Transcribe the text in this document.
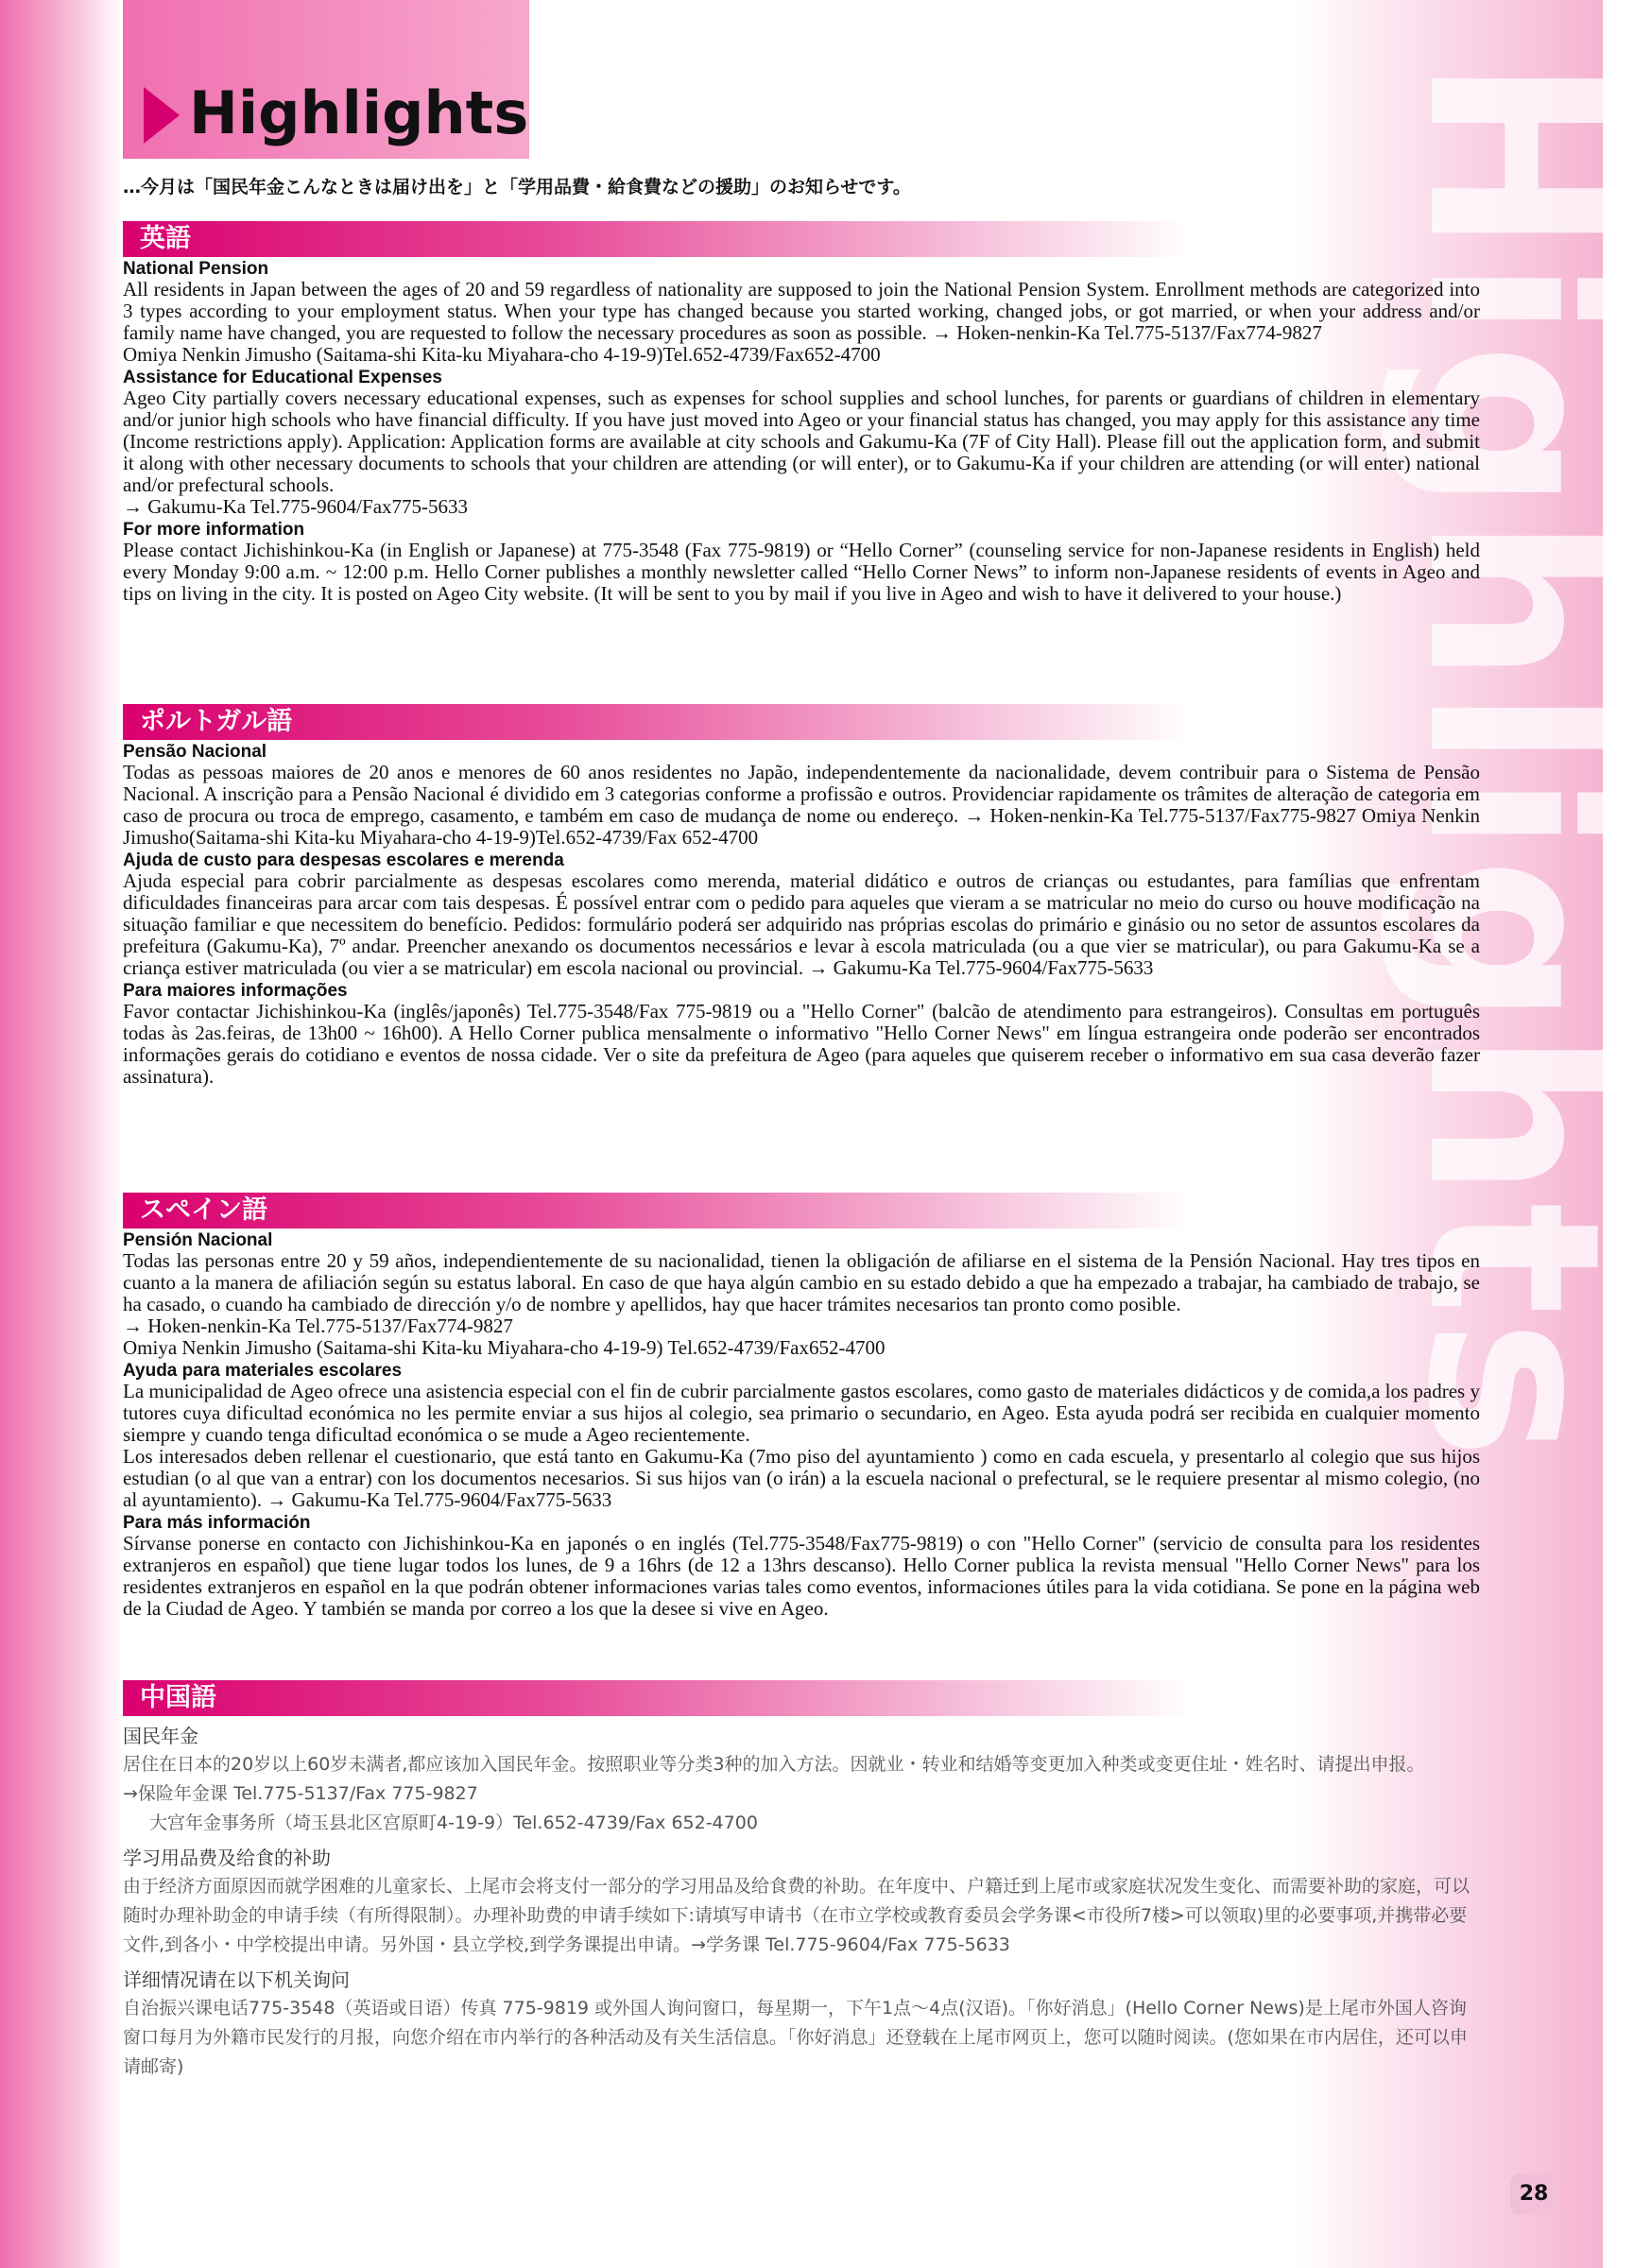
Highlights
Highlights
…今月は「国民年金こんなときは届け出を」と「学用品費・給食費などの援助」のお知らせです。
英語
National Pension

All residents in Japan between the ages of 20 and 59 regardless of nationality are supposed to join the National Pension System. Enrollment methods are categorized into 3 types according to your employment status. When your type has changed because you started working, changed jobs, or got married, or when your address and/or family name have changed, you are requested to follow the necessary procedures as soon as possible. → Hoken-nenkin-Ka Tel.775-5137/Fax774-9827

Omiya Nenkin Jimusho (Saitama-shi Kita-ku Miyahara-cho 4-19-9)Tel.652-4739/Fax652-4700

Assistance for Educational Expenses

Ageo City partially covers necessary educational expenses, such as expenses for school supplies and school lunches, for parents or guardians of children in elementary and/or junior high schools who have financial difficulty. If you have just moved into Ageo or your financial status has changed, you may apply for this assistance any time (Income restrictions apply). Application: Application forms are available at city schools and Gakumu-Ka (7F of City Hall). Please fill out the application form, and submit it along with other necessary documents to schools that your children are attending (or will enter), or to Gakumu-Ka if your children are attending (or will enter) national and/or prefectural schools.

→ Gakumu-Ka Tel.775-9604/Fax775-5633

For more information

Please contact Jichishinkou-Ka (in English or Japanese) at 775-3548 (Fax 775-9819) or “Hello Corner” (counseling service for non-Japanese residents in English) held every Monday 9:00 a.m. ~ 12:00 p.m. Hello Corner publishes a monthly newsletter called “Hello Corner News” to inform non-Japanese residents of events in Ageo and tips on living in the city. It is posted on Ageo City website. (It will be sent to you by mail if you live in Ageo and wish to have it delivered to your house.)

ポルトガル語
Pensão Nacional

Todas as pessoas maiores de 20 anos e menores de 60 anos residentes no Japão, independentemente da nacionalidade, devem contribuir para o Sistema de Pensão Nacional. A inscrição para a Pensão Nacional é dividido em 3 categorias conforme a profissão e outros. Providenciar rapidamente os trâmites de alteração de categoria em caso de procura ou troca de emprego, casamento, e também em caso de mudança de nome ou endereço. → Hoken-nenkin-Ka Tel.775-5137/Fax775-9827 Omiya Nenkin Jimusho(Saitama-shi Kita-ku Miyahara-cho 4-19-9)Tel.652-4739/Fax 652-4700

Ajuda de custo para despesas escolares e merenda

Ajuda especial para cobrir parcialmente as despesas escolares como merenda, material didático e outros de crianças ou estudantes, para famílias que enfrentam dificuldades financeiras para arcar com tais despesas. É possível entrar com o pedido para aqueles que vieram a se matricular no meio do curso ou houve modificação na situação familiar e que necessitem do benefício. Pedidos: formulário poderá ser adquirido nas próprias escolas do primário e ginásio ou no setor de assuntos escolares da prefeitura (Gakumu-Ka), 7º andar. Preencher anexando os documentos necessários e levar à escola matriculada (ou a que vier se matricular), ou para Gakumu-Ka se a criança estiver matriculada (ou vier a se matricular) em escola nacional ou provincial. → Gakumu-Ka Tel.775-9604/Fax775-5633

Para maiores informações

Favor contactar Jichishinkou-Ka (inglês/japonês) Tel.775-3548/Fax 775-9819 ou a "Hello Corner" (balcão de atendimento para estrangeiros). Consultas em português todas às 2as.feiras, de 13h00 ~ 16h00). A Hello Corner publica mensalmente o informativo "Hello Corner News" em língua estrangeira onde poderão ser encontrados informações gerais do cotidiano e eventos de nossa cidade. Ver o site da prefeitura de Ageo (para aqueles que quiserem receber o informativo em sua casa deverão fazer assinatura).

スペイン語
Pensión Nacional

Todas las personas entre 20 y 59 años, independientemente de su nacionalidad, tienen la obligación de afiliarse en el sistema de la Pensión Nacional. Hay tres tipos en cuanto a la manera de afiliación según su estatus laboral. En caso de que haya algún cambio en su estado debido a que ha empezado a trabajar, ha cambiado de trabajo, se ha casado, o cuando ha cambiado de dirección y/o de nombre y apellidos, hay que hacer trámites necesarios tan pronto como posible.

→ Hoken-nenkin-Ka Tel.775-5137/Fax774-9827

Omiya Nenkin Jimusho (Saitama-shi Kita-ku Miyahara-cho 4-19-9) Tel.652-4739/Fax652-4700

Ayuda para materiales escolares

La municipalidad de Ageo ofrece una asistencia especial con el fin de cubrir parcialmente gastos escolares, como gasto de materiales didácticos y de comida,a los padres y tutores cuya dificultad económica no les permite enviar a sus hijos al colegio, sea primario o secundario, en Ageo. Esta ayuda podrá ser recibida en cualquier momento siempre y cuando tenga dificultad económica o se mude a Ageo recientemente.

Los interesados deben rellenar el cuestionario, que está tanto en Gakumu-Ka (7mo piso del ayuntamiento ) como en cada escuela, y presentarlo al colegio que sus hijos estudian (o al que van a entrar) con los documentos necesarios. Si sus hijos van (o irán) a la escuela nacional o prefectural, se le requiere presentar al mismo colegio, (no al ayuntamiento). → Gakumu-Ka Tel.775-9604/Fax775-5633

Para más información

Sírvanse ponerse en contacto con Jichishinkou-Ka en japonés o en inglés (Tel.775-3548/Fax775-9819) o con "Hello Corner" (servicio de consulta para los residentes extranjeros en español) que tiene lugar todos los lunes, de 9 a 16hrs (de 12 a 13hrs descanso). Hello Corner publica la revista mensual "Hello Corner News" para los residentes extranjeros en español en la que podrán obtener informaciones varias tales como eventos, informaciones útiles para la vida cotidiana. Se pone en la página web de la Ciudad de Ageo. Y también se manda por correo a los que la desee si vive en Ageo.

中国語
国民年金

居住在日本的20岁以上60岁未满者,都应该加入国民年金。按照职业等分类3种的加入方法。因就业・转业和结婚等变更加入种类或变更住址・姓名时、请提出申报。

→保险年金课 Tel.775-5137/Fax 775-9827

大宫年金事务所（埼玉县北区宫原町4-19-9）Tel.652-4739/Fax 652-4700

学习用品费及给食的补助

由于经济方面原因而就学困难的儿童家长、上尾市会将支付一部分的学习用品及给食费的补助。在年度中、户籍迁到上尾市或家庭状况发生变化、而需要补助的家庭，可以随时办理补助金的申请手续（有所得限制）。办理补助费的申请手续如下:请填写申请书（在市立学校或教育委员会学务课<市役所7楼>可以领取)里的必要事项,并携带必要文件,到各小・中学校提出申请。另外国・县立学校,到学务课提出申请。→学务课 Tel.775-9604/Fax 775-5633

详细情况请在以下机关询问

自治振兴课电话775-3548（英语或日语）传真 775-9819 或外国人询问窗口，每星期一，下午1点～4点(汉语)。「你好消息」(Hello Corner News)是上尾市外国人咨询窗口每月为外籍市民发行的月报，向您介绍在市内举行的各种活动及有关生活信息。「你好消息」还登载在上尾市网页上，您可以随时阅读。(您如果在市内居住，还可以申请邮寄)

28
